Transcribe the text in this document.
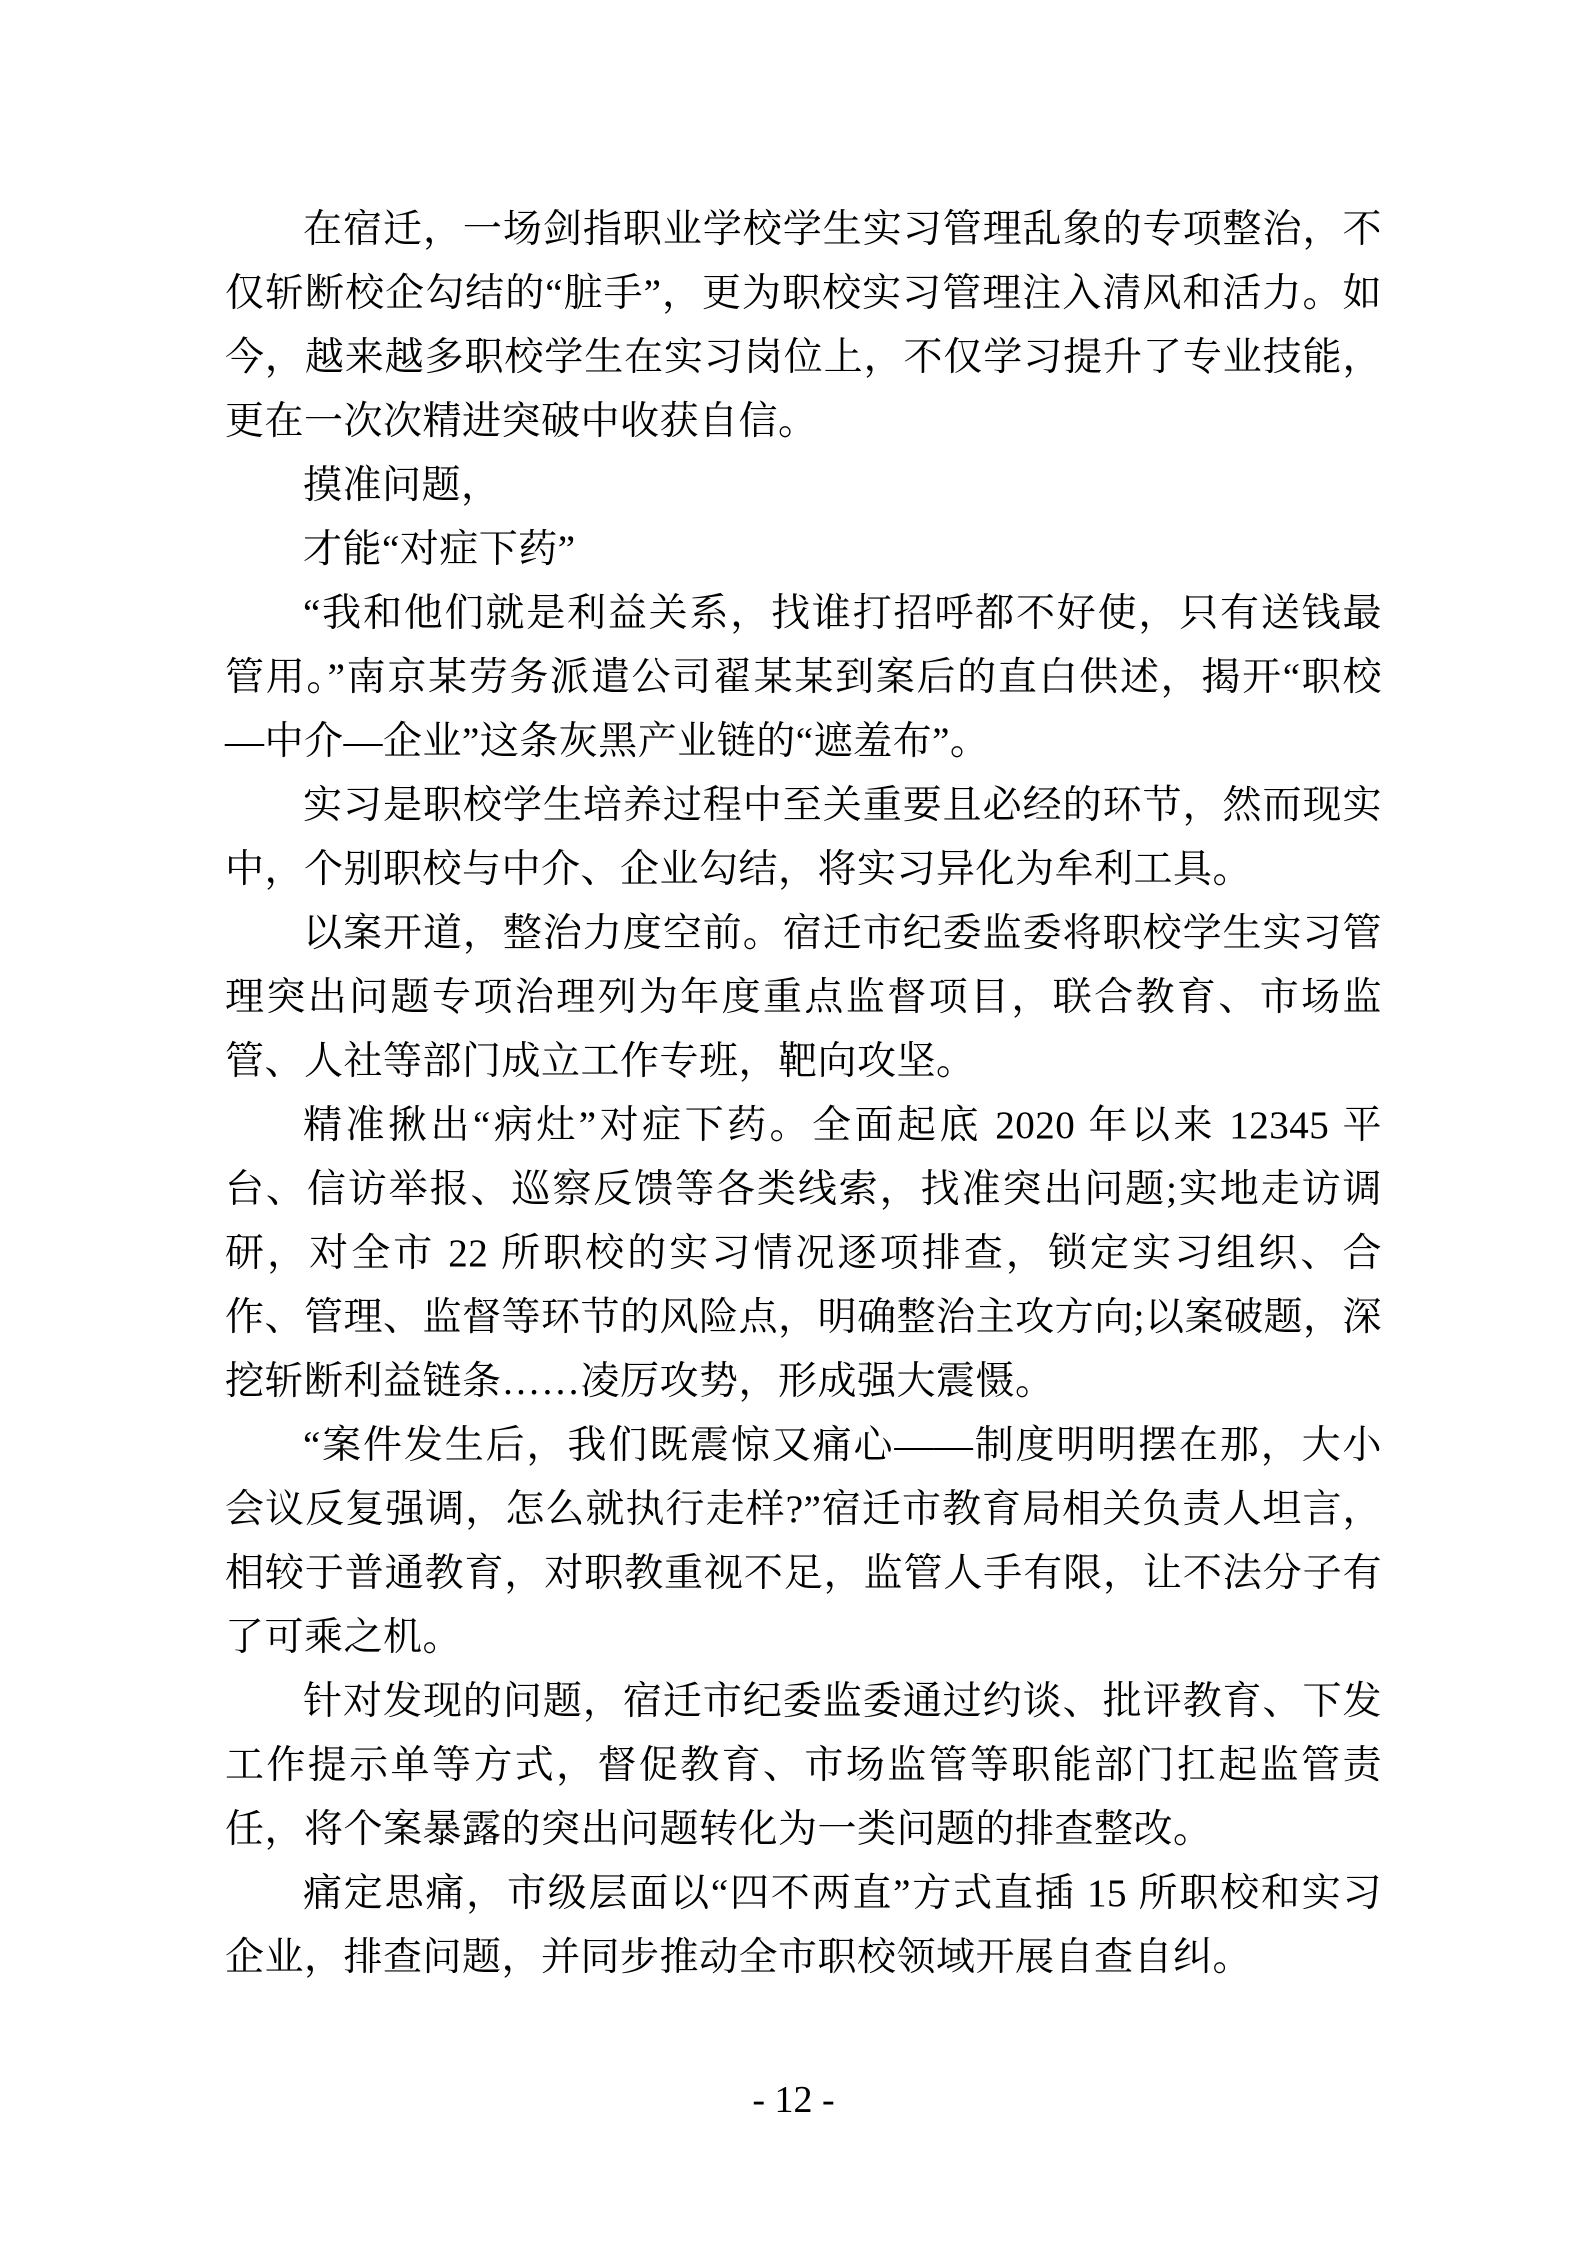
在宿迁，一场剑指职业学校学生实习管理乱象的专项整治，不仅斩断校企勾结的“脏手”，更为职校实习管理注入清风和活力。如今，越来越多职校学生在实习岗位上，不仅学习提升了专业技能，更在一次次精进突破中收获自信。

摸准问题，

才能“对症下药”

“我和他们就是利益关系，找谁打招呼都不好使，只有送钱最管用。”南京某劳务派遣公司翟某某到案后的直白供述，揭开“职校—中介—企业”这条灰黑产业链的“遮羞布”。

实习是职校学生培养过程中至关重要且必经的环节，然而现实中，个别职校与中介、企业勾结，将实习异化为牟利工具。

以案开道，整治力度空前。宿迁市纪委监委将职校学生实习管理突出问题专项治理列为年度重点监督项目，联合教育、市场监管、人社等部门成立工作专班，靶向攻坚。

精准揪出“病灶”对症下药。全面起底 2020 年以来 12345 平台、信访举报、巡察反馈等各类线索，找准突出问题;实地走访调研，对全市 22 所职校的实习情况逐项排查，锁定实习组织、合作、管理、监督等环节的风险点，明确整治主攻方向;以案破题，深挖斩断利益链条……凌厉攻势，形成强大震慑。

“案件发生后，我们既震惊又痛心——制度明明摆在那，大小会议反复强调，怎么就执行走样?”宿迁市教育局相关负责人坦言，相较于普通教育，对职教重视不足，监管人手有限，让不法分子有了可乘之机。

针对发现的问题，宿迁市纪委监委通过约谈、批评教育、下发工作提示单等方式，督促教育、市场监管等职能部门扛起监管责任，将个案暴露的突出问题转化为一类问题的排查整改。

痛定思痛，市级层面以“四不两直”方式直插 15 所职校和实习企业，排查问题，并同步推动全市职校领域开展自查自纠。

- 12 -
